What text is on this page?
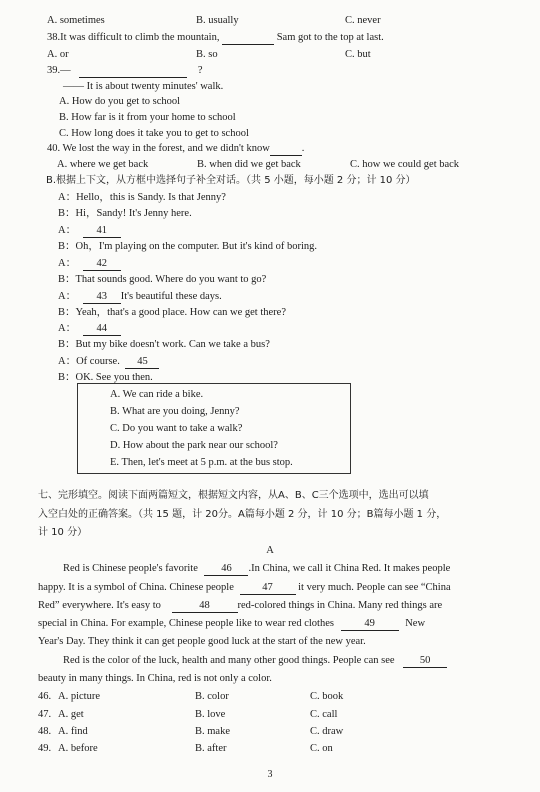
A. sometimes	B. usually	C. never
38.It was difficult to climb the mountain,	Sam got to the top at last.
A. or	B. so	C. but
39.—	?
—— It is about twenty minutes' walk.
A. How do you get to school
B. How far is it from your home to school
C. How long does it take you to get to school
40. We lost the way in the forest, and we didn't know	.
A. where we get back	B. when did we get back	C. how we could get back
B.根据上下文，从方框中选择句子补全对话。（共 5 小题，每小题 2 分；计 10 分）
A：Hello，this is Sandy. Is that Jenny?
B：Hi，Sandy! It's Jenny here.
A： 41
B：Oh，I'm playing on the computer. But it's kind of boring.
A： 42
B：That sounds good. Where do you want to go?
A： 43 It's beautiful these days.
B：Yeah，that's a good place. How can we get there?
A： 44
B：But my bike doesn't work. Can we take a bus?
A：Of course. 45
B：OK. See you then.
A. We can ride a bike.
B. What are you doing, Jenny?
C. Do you want to take a walk?
D. How about the park near our school?
E. Then, let's meet at 5 p.m. at the bus stop.
七、完形填空。阅读下面两篇短文，根据短文内容，从A、B、C三个选项中，选出可以填
入空白处的正确答案。（共 15 题，计 20分。A篇每小题 2 分，计 10 分；B篇每小题 1 分，
计 10 分）
A
Red is Chinese people's favorite 46 .In China, we call it China Red. It makes people
happy. It is a symbol of China. Chinese people	47 it very much. People can see “China
Red” everywhere. It's easy to	48	red-colored things in China. Many red things are
special in China. For example, Chinese people like to wear red clothes	49	New
Year's Day. They think it can get people good luck at the start of the new year.
Red is the color of the luck, health and many other good things. People can see 50
beauty in many things. In China, red is not only a color.
46. A. picture	B. color	C. book
47. A. get	B. love	C. call
48. A. find	B. make	C. draw
49. A. before	B. after	C. on
3
